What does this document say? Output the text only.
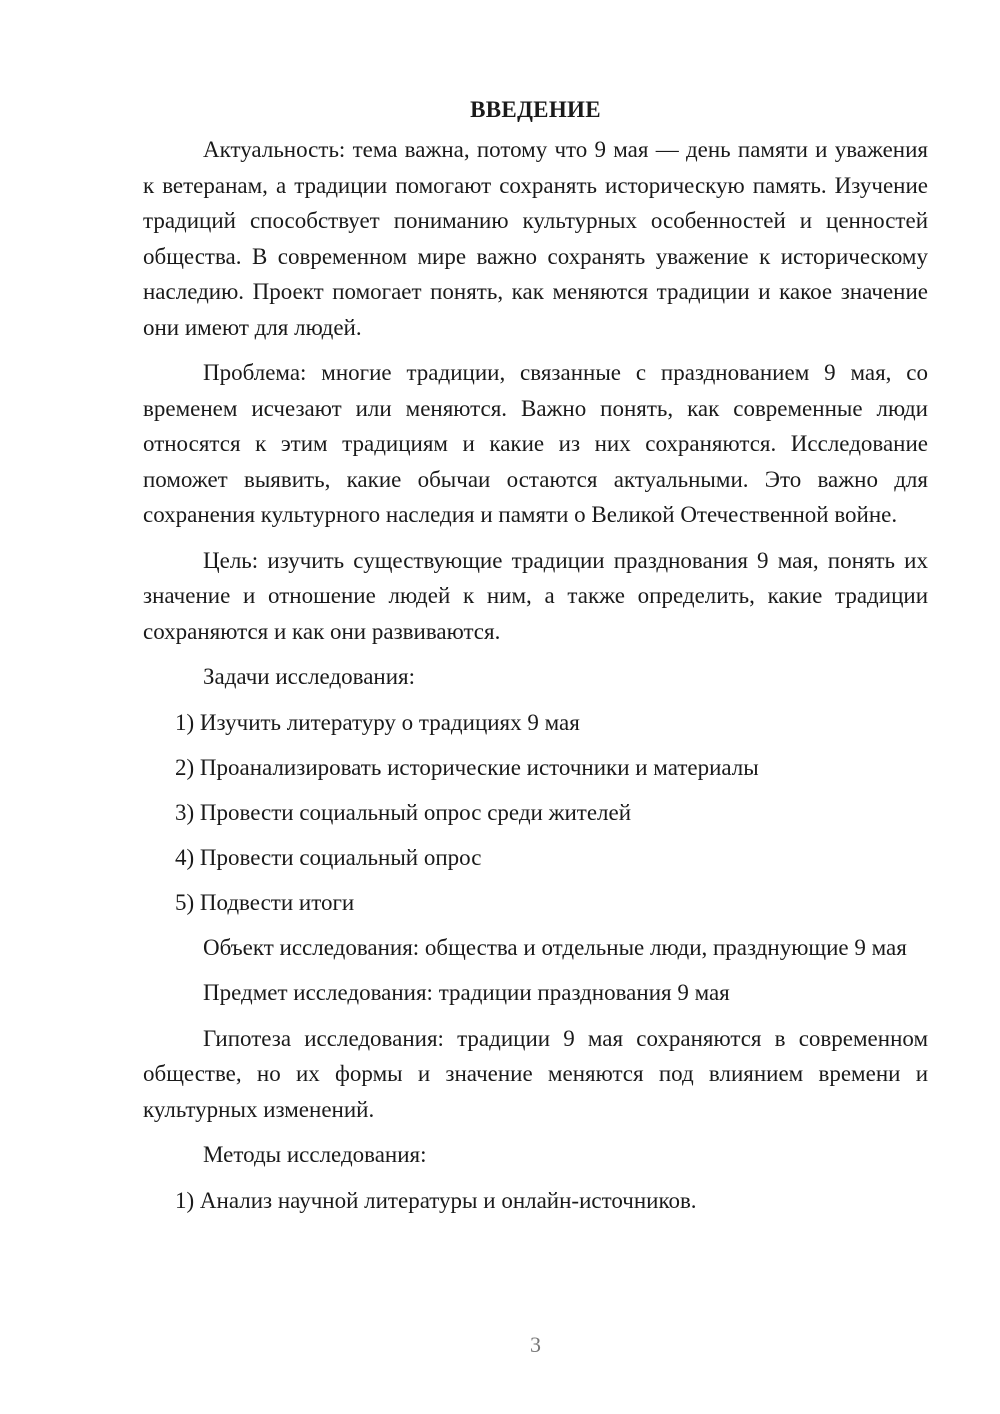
ВВЕДЕНИЕ

Актуальность: тема важна, потому что 9 мая — день памяти и уважения к ветеранам, а традиции помогают сохранять историческую память. Изучение традиций способствует пониманию культурных особенностей и ценностей общества. В современном мире важно сохранять уважение к историческому наследию. Проект помогает понять, как меняются традиции и какое значение они имеют для людей.

Проблема: многие традиции, связанные с празднованием 9 мая, со временем исчезают или меняются. Важно понять, как современные люди относятся к этим традициям и какие из них сохраняются. Исследование поможет выявить, какие обычаи остаются актуальными. Это важно для сохранения культурного наследия и памяти о Великой Отечественной войне.

Цель: изучить существующие традиции празднования 9 мая, понять их значение и отношение людей к ним, а также определить, какие традиции сохраняются и как они развиваются.

Задачи исследования:
1) Изучить литературу о традициях 9 мая
2) Проанализировать исторические источники и материалы
3) Провести социальный опрос среди жителей
4) Провести социальный опрос
5) Подвести итоги

Объект исследования: общества и отдельные люди, празднующие 9 мая

Предмет исследования: традиции празднования 9 мая

Гипотеза исследования: традиции 9 мая сохраняются в современном обществе, но их формы и значение меняются под влиянием времени и культурных изменений.

Методы исследования:
1) Анализ научной литературы и онлайн-источников.
3
